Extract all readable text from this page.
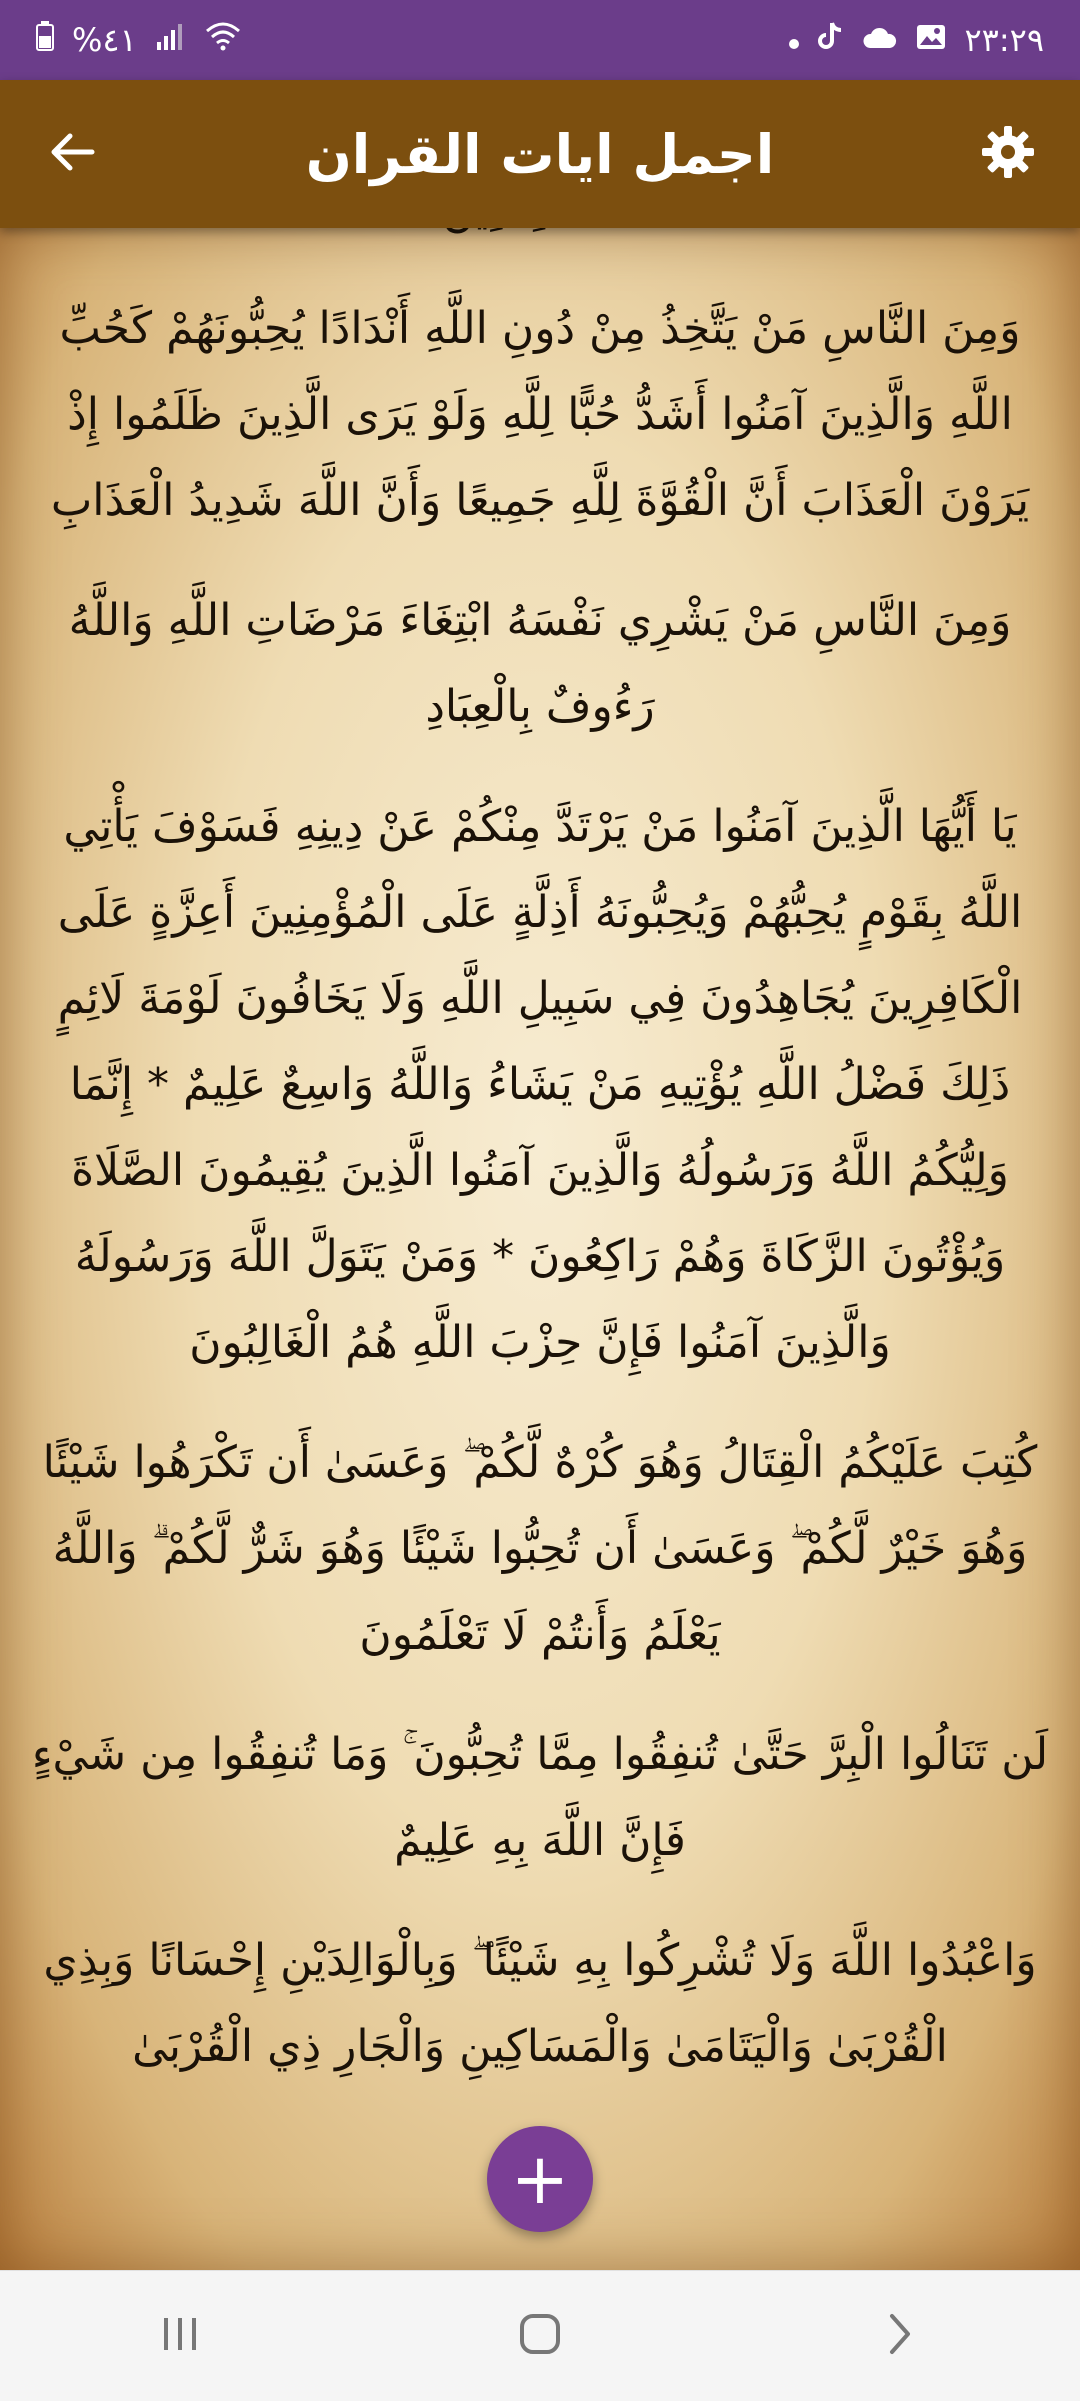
%٤١	٢٣:٢٩
اجمل ايات القران

وَمِنَ النَّاسِ مَنْ يَتَّخِذُ مِنْ دُونِ اللَّهِ أَنْدَادًا يُحِبُّونَهُمْ كَحُبِّ اللَّهِ وَالَّذِينَ آمَنُوا أَشَدُّ حُبًّا لِلَّهِ وَلَوْ يَرَى الَّذِينَ ظَلَمُوا إِذْ يَرَوْنَ الْعَذَابَ أَنَّ الْقُوَّةَ لِلَّهِ جَمِيعًا وَأَنَّ اللَّهَ شَدِيدُ الْعَذَابِ

وَمِنَ النَّاسِ مَنْ يَشْرِي نَفْسَهُ ابْتِغَاءَ مَرْضَاتِ اللَّهِ وَاللَّهُ رَءُوفٌ بِالْعِبَادِ

يَا أَيُّهَا الَّذِينَ آمَنُوا مَنْ يَرْتَدَّ مِنْكُمْ عَنْ دِينِهِ فَسَوْفَ يَأْتِي اللَّهُ بِقَوْمٍ يُحِبُّهُمْ وَيُحِبُّونَهُ أَذِلَّةٍ عَلَى الْمُؤْمِنِينَ أَعِزَّةٍ عَلَى الْكَافِرِينَ يُجَاهِدُونَ فِي سَبِيلِ اللَّهِ وَلَا يَخَافُونَ لَوْمَةَ لَائِمٍ ذَلِكَ فَضْلُ اللَّهِ يُؤْتِيهِ مَنْ يَشَاءُ وَاللَّهُ وَاسِعٌ عَلِيمٌ * إِنَّمَا وَلِيُّكُمُ اللَّهُ وَرَسُولُهُ وَالَّذِينَ آمَنُوا الَّذِينَ يُقِيمُونَ الصَّلَاةَ وَيُؤْتُونَ الزَّكَاةَ وَهُمْ رَاكِعُونَ * وَمَنْ يَتَوَلَّ اللَّهَ وَرَسُولَهُ وَالَّذِينَ آمَنُوا فَإِنَّ حِزْبَ اللَّهِ هُمُ الْغَالِبُونَ

كُتِبَ عَلَيْكُمُ الْقِتَالُ وَهُوَ كُرْهٌ لَّكُمْ ۖ وَعَسَىٰ أَن تَكْرَهُوا شَيْئًا وَهُوَ خَيْرٌ لَّكُمْ ۖ وَعَسَىٰ أَن تُحِبُّوا شَيْئًا وَهُوَ شَرٌّ لَّكُمْ ۗ وَاللَّهُ يَعْلَمُ وَأَنتُمْ لَا تَعْلَمُونَ

لَن تَنَالُوا الْبِرَّ حَتَّىٰ تُنفِقُوا مِمَّا تُحِبُّونَ ۚ وَمَا تُنفِقُوا مِن شَيْءٍ فَإِنَّ اللَّهَ بِهِ عَلِيمٌ

وَاعْبُدُوا اللَّهَ وَلَا تُشْرِكُوا بِهِ شَيْئًا ۖ وَبِالْوَالِدَيْنِ إِحْسَانًا وَبِذِي الْقُرْبَىٰ وَالْيَتَامَىٰ وَالْمَسَاكِينِ وَالْجَارِ ذِي الْقُرْبَىٰ

+
